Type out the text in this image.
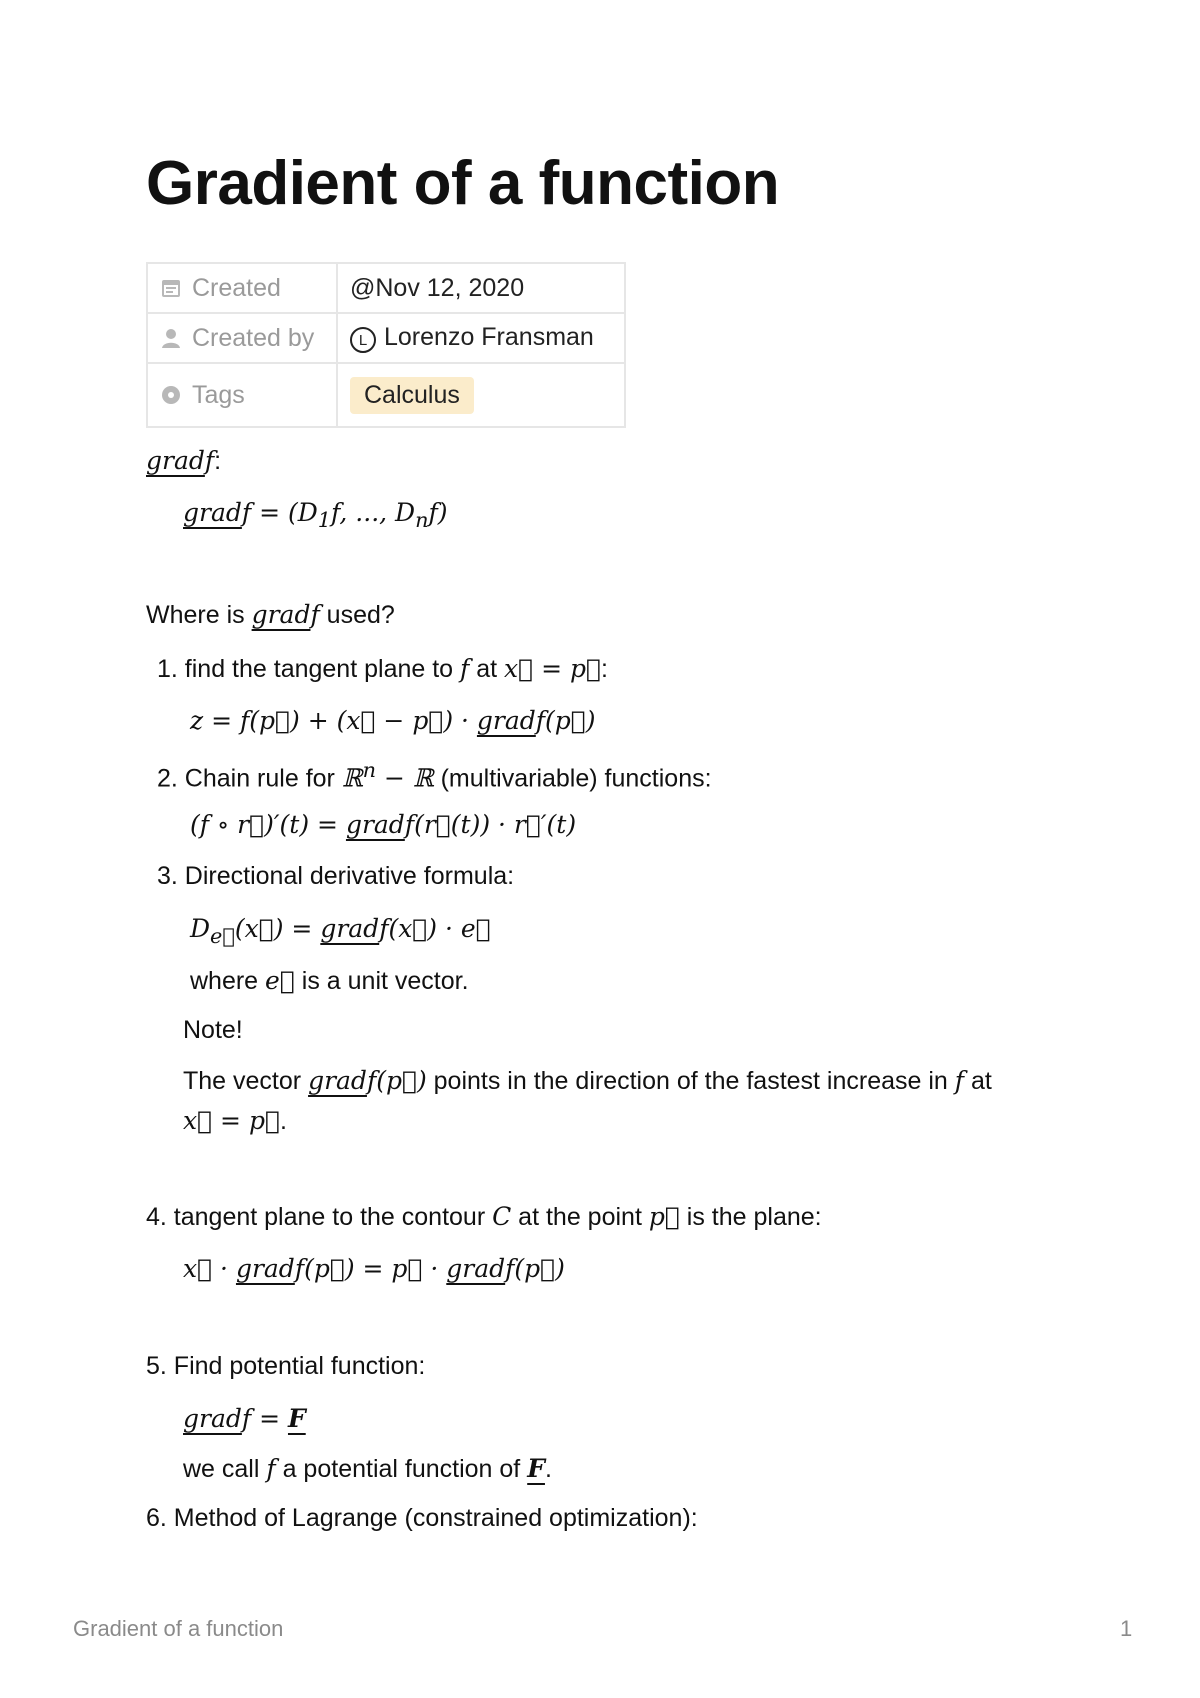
Gradient of a function
Created	@Nov 12, 2020

Created by	L Lorenzo Fransman

Tags	Calculus
gradf:
gradf = ($D_1f$, ..., $D_nf$)
Where is gradf used?
1. find the tangent plane to f at x⃗ = p⃗:
z = f(p⃗) + (x⃗ − p⃗) · gradf(p⃗)
2. Chain rule for ℝ$^n$ − ℝ (multivariable) functions:
(f ∘ r⃗)′(t) = gradf(r⃗(t)) · r⃗′(t)
3. Directional derivative formula:
$D_{e⃗}(x⃗)$ = gradf(x⃗) · e⃗
where e⃗ is a unit vector.
Note!
The vector gradf(p⃗) points in the direction of the fastest increase in f at
x⃗ = p⃗.
4. tangent plane to the contour C at the point p⃗ is the plane:
x⃗ · gradf(p⃗) = p⃗ · gradf(p⃗)
5. Find potential function:
gradf = F
we call f a potential function of F.
6. Method of Lagrange (constrained optimization):
Gradient of a function	1
